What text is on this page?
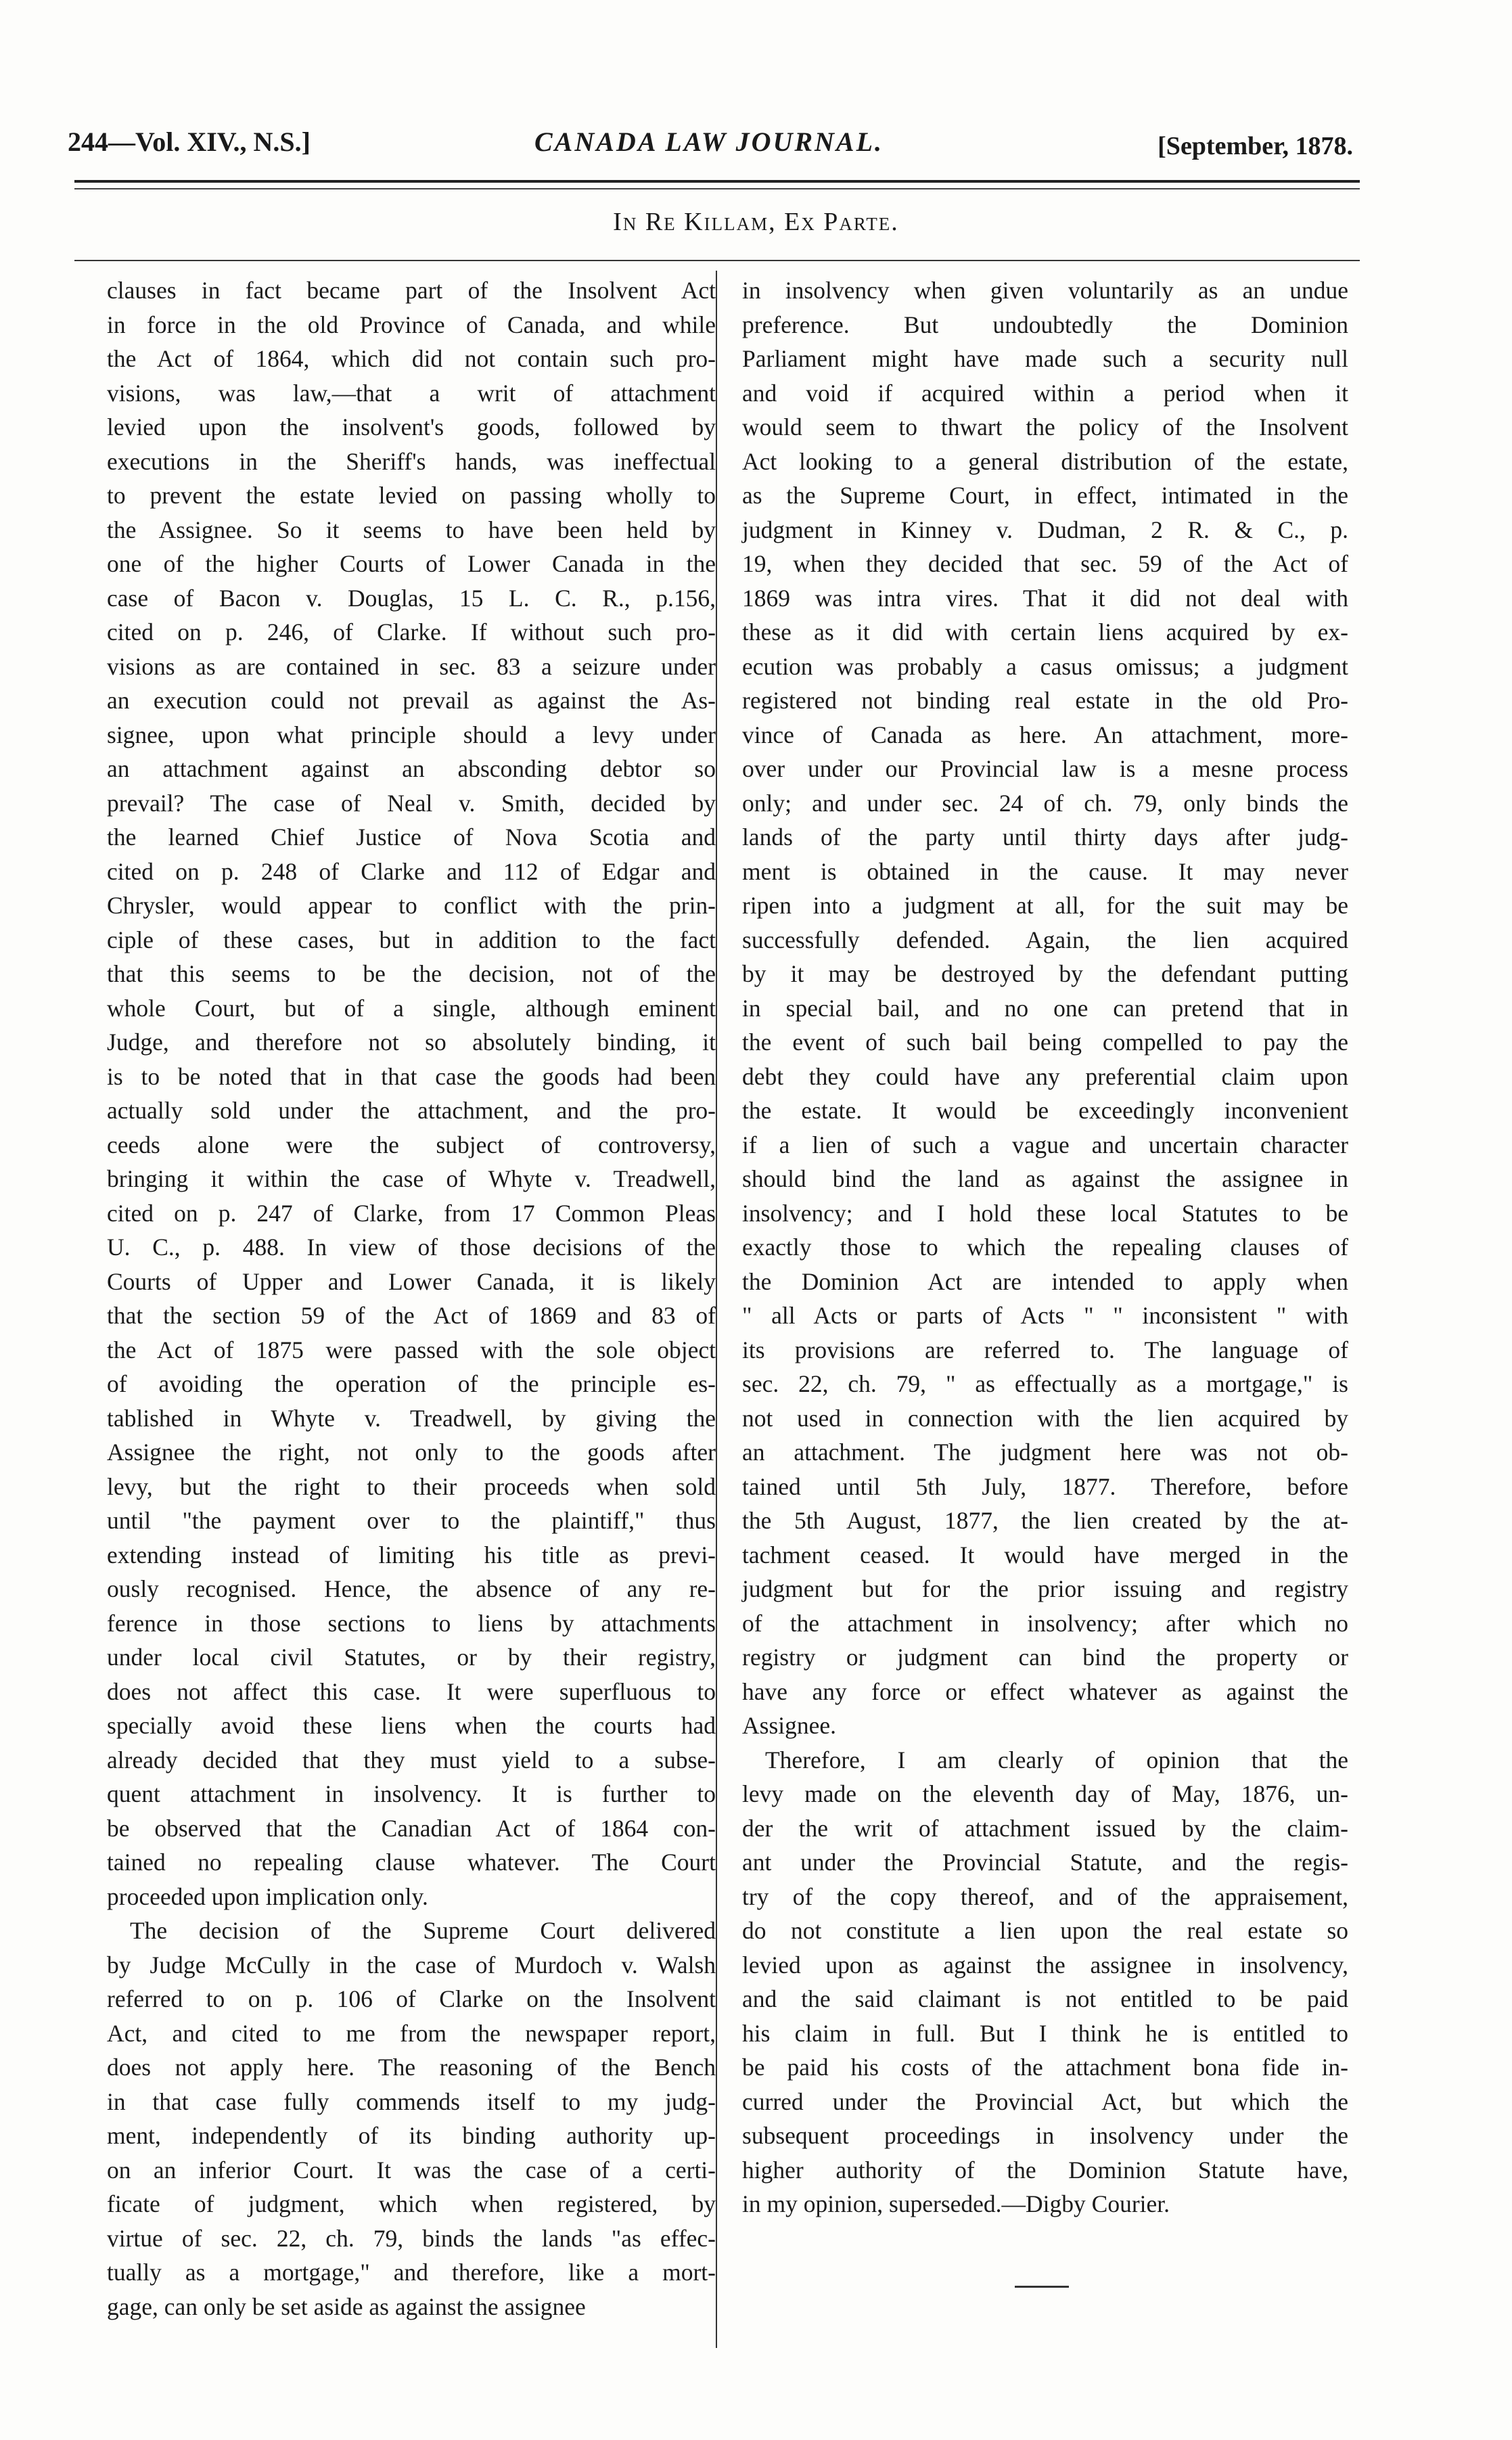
244—Vol. XIV., N.S.]	CANADA LAW JOURNAL.	[September, 1878.
In Re Killam, Ex Parte.
clauses in fact became part of the Insolvent Act
in force in the old Province of Canada, and while
the Act of 1864, which did not contain such pro-
visions, was law,—that a writ of attachment
levied upon the insolvent's goods, followed by
executions in the Sheriff's hands, was ineffectual
to prevent the estate levied on passing wholly to
the Assignee. So it seems to have been held by
one of the higher Courts of Lower Canada in the
case of Bacon v. Douglas, 15 L. C. R., p.156,
cited on p. 246, of Clarke. If without such pro-
visions as are contained in sec. 83 a seizure under
an execution could not prevail as against the As-
signee, upon what principle should a levy under
an attachment against an absconding debtor so
prevail? The case of Neal v. Smith, decided by
the learned Chief Justice of Nova Scotia and
cited on p. 248 of Clarke and 112 of Edgar and
Chrysler, would appear to conflict with the prin-
ciple of these cases, but in addition to the fact
that this seems to be the decision, not of the
whole Court, but of a single, although eminent
Judge, and therefore not so absolutely binding, it
is to be noted that in that case the goods had been
actually sold under the attachment, and the pro-
ceeds alone were the subject of controversy,
bringing it within the case of Whyte v. Treadwell,
cited on p. 247 of Clarke, from 17 Common Pleas
U. C., p. 488. In view of those decisions of the
Courts of Upper and Lower Canada, it is likely
that the section 59 of the Act of 1869 and 83 of
the Act of 1875 were passed with the sole object
of avoiding the operation of the principle es-
tablished in Whyte v. Treadwell, by giving the
Assignee the right, not only to the goods after
levy, but the right to their proceeds when sold
until "the payment over to the plaintiff," thus
extending instead of limiting his title as previ-
ously recognised. Hence, the absence of any re-
ference in those sections to liens by attachments
under local civil Statutes, or by their registry,
does not affect this case. It were superfluous to
specially avoid these liens when the courts had
already decided that they must yield to a subse-
quent attachment in insolvency. It is further to
be observed that the Canadian Act of 1864 con-
tained no repealing clause whatever. The Court
proceeded upon implication only.
The decision of the Supreme Court delivered
by Judge McCully in the case of Murdoch v. Walsh
referred to on p. 106 of Clarke on the Insolvent
Act, and cited to me from the newspaper report,
does not apply here. The reasoning of the Bench
in that case fully commends itself to my judg-
ment, independently of its binding authority up-
on an inferior Court. It was the case of a certi-
ficate of judgment, which when registered, by
virtue of sec. 22, ch. 79, binds the lands "as effec-
tually as a mortgage," and therefore, like a mort-
gage, can only be set aside as against the assignee
in insolvency when given voluntarily as an undue
preference. But undoubtedly the Dominion
Parliament might have made such a security null
and void if acquired within a period when it
would seem to thwart the policy of the Insolvent
Act looking to a general distribution of the estate,
as the Supreme Court, in effect, intimated in the
judgment in Kinney v. Dudman, 2 R. & C., p.
19, when they decided that sec. 59 of the Act of
1869 was intra vires. That it did not deal with
these as it did with certain liens acquired by ex-
ecution was probably a casus omissus; a judgment
registered not binding real estate in the old Pro-
vince of Canada as here. An attachment, more-
over under our Provincial law is a mesne process
only; and under sec. 24 of ch. 79, only binds the
lands of the party until thirty days after judg-
ment is obtained in the cause. It may never
ripen into a judgment at all, for the suit may be
successfully defended. Again, the lien acquired
by it may be destroyed by the defendant putting
in special bail, and no one can pretend that in
the event of such bail being compelled to pay the
debt they could have any preferential claim upon
the estate. It would be exceedingly inconvenient
if a lien of such a vague and uncertain character
should bind the land as against the assignee in
insolvency; and I hold these local Statutes to be
exactly those to which the repealing clauses of
the Dominion Act are intended to apply when
" all Acts or parts of Acts " " inconsistent " with
its provisions are referred to. The language of
sec. 22, ch. 79, " as effectually as a mortgage," is
not used in connection with the lien acquired by
an attachment. The judgment here was not ob-
tained until 5th July, 1877. Therefore, before
the 5th August, 1877, the lien created by the at-
tachment ceased. It would have merged in the
judgment but for the prior issuing and registry
of the attachment in insolvency; after which no
registry or judgment can bind the property or
have any force or effect whatever as against the
Assignee.
Therefore, I am clearly of opinion that the
levy made on the eleventh day of May, 1876, un-
der the writ of attachment issued by the claim-
ant under the Provincial Statute, and the regis-
try of the copy thereof, and of the appraisement,
do not constitute a lien upon the real estate so
levied upon as against the assignee in insolvency,
and the said claimant is not entitled to be paid
his claim in full. But I think he is entitled to
be paid his costs of the attachment bona fide in-
curred under the Provincial Act, but which the
subsequent proceedings in insolvency under the
higher authority of the Dominion Statute have,
in my opinion, superseded.—Digby Courier.
